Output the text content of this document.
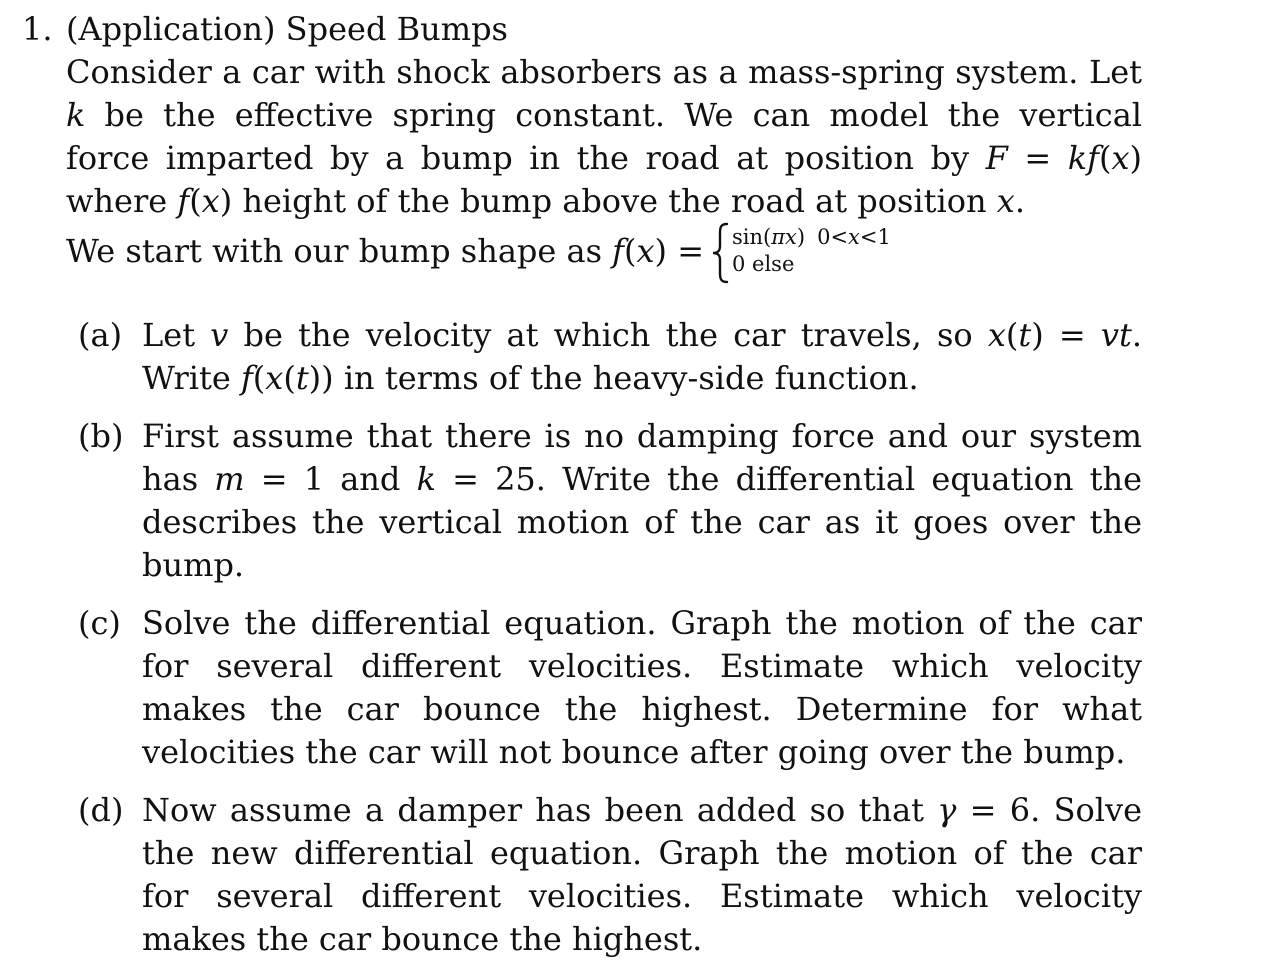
1. (Application) Speed Bumps

Consider a car with shock absorbers as a mass-spring system. Let k be the effective spring constant. We can model the vertical force imparted by a bump in the road at position by F = kf(x) where f(x) height of the bump above the road at position x.

We start with our bump shape as f(x) = sin(πx) 0<x<1
0 else
(a) Let v be the velocity at which the car travels, so x(t) = vt. Write f(x(t)) in terms of the heavy-side function.
(b) First assume that there is no damping force and our system has m = 1 and k = 25. Write the differential equation the describes the vertical motion of the car as it goes over the bump.
(c) Solve the differential equation. Graph the motion of the car for several different velocities. Estimate which velocity makes the car bounce the highest. Determine for what velocities the car will not bounce after going over the bump.
(d) Now assume a damper has been added so that γ = 6. Solve the new differential equation. Graph the motion of the car for several different velocities. Estimate which velocity makes the car bounce the highest.
